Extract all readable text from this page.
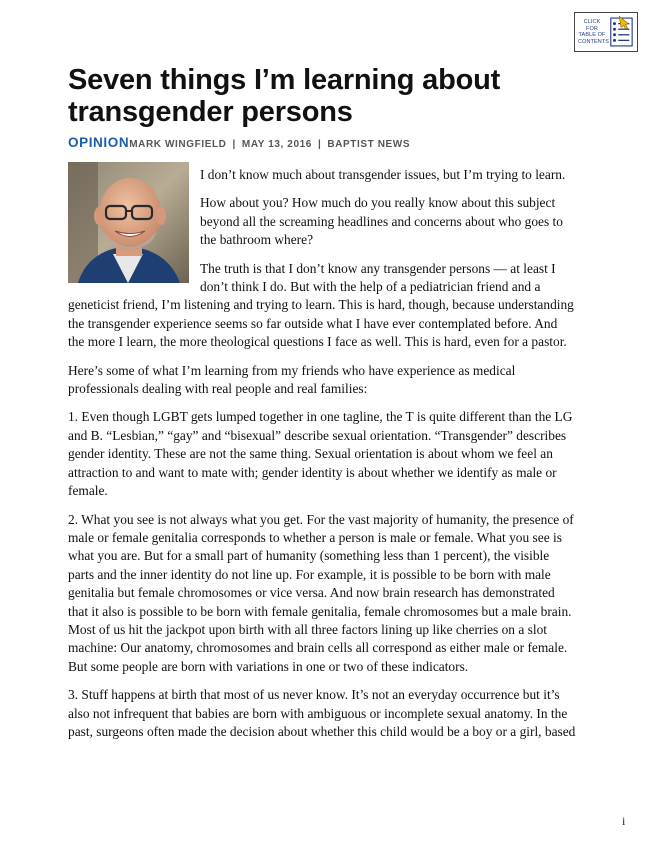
CLICK FOR TABLE OF CONTENTS
Seven things I’m learning about transgender persons
OPINIONMARK WINGFIELD | MAY 13, 2016 | BAPTIST NEWS

I don’t know much about transgender issues, but I’m trying to learn.

How about you? How much do you really know about this subject beyond all the screaming headlines and concerns about who goes to the bathroom where?

The truth is that I don’t know any transgender persons — at least I don’t think I do. But with the help of a pediatrician friend and a geneticist friend, I’m listening and trying to learn. This is hard, though, because understanding the transgender experience seems so far outside what I have ever contemplated before. And the more I learn, the more theological questions I face as well. This is hard, even for a pastor.

Here’s some of what I’m learning from my friends who have experience as medical professionals dealing with real people and real families:

1. Even though LGBT gets lumped together in one tagline, the T is quite different than the LG and B. “Lesbian,” “gay” and “bisexual” describe sexual orientation. “Transgender” describes gender identity. These are not the same thing. Sexual orientation is about whom we feel an attraction to and want to mate with; gender identity is about whether we identify as male or female.

2. What you see is not always what you get. For the vast majority of humanity, the presence of male or female genitalia corresponds to whether a person is male or female. What you see is what you are. But for a small part of humanity (something less than 1 percent), the visible parts and the inner identity do not line up. For example, it is possible to be born with male genitalia but female chromosomes or vice versa. And now brain research has demonstrated that it also is possible to be born with female genitalia, female chromosomes but a male brain. Most of us hit the jackpot upon birth with all three factors lining up like cherries on a slot machine: Our anatomy, chromosomes and brain cells all correspond as either male or female. But some people are born with variations in one or two of these indicators.

3. Stuff happens at birth that most of us never know. It’s not an everyday occurrence but it’s also not infrequent that babies are born with ambiguous or incomplete sexual anatomy. In the past, surgeons often made the decision about whether this child would be a boy or a girl, based

i
